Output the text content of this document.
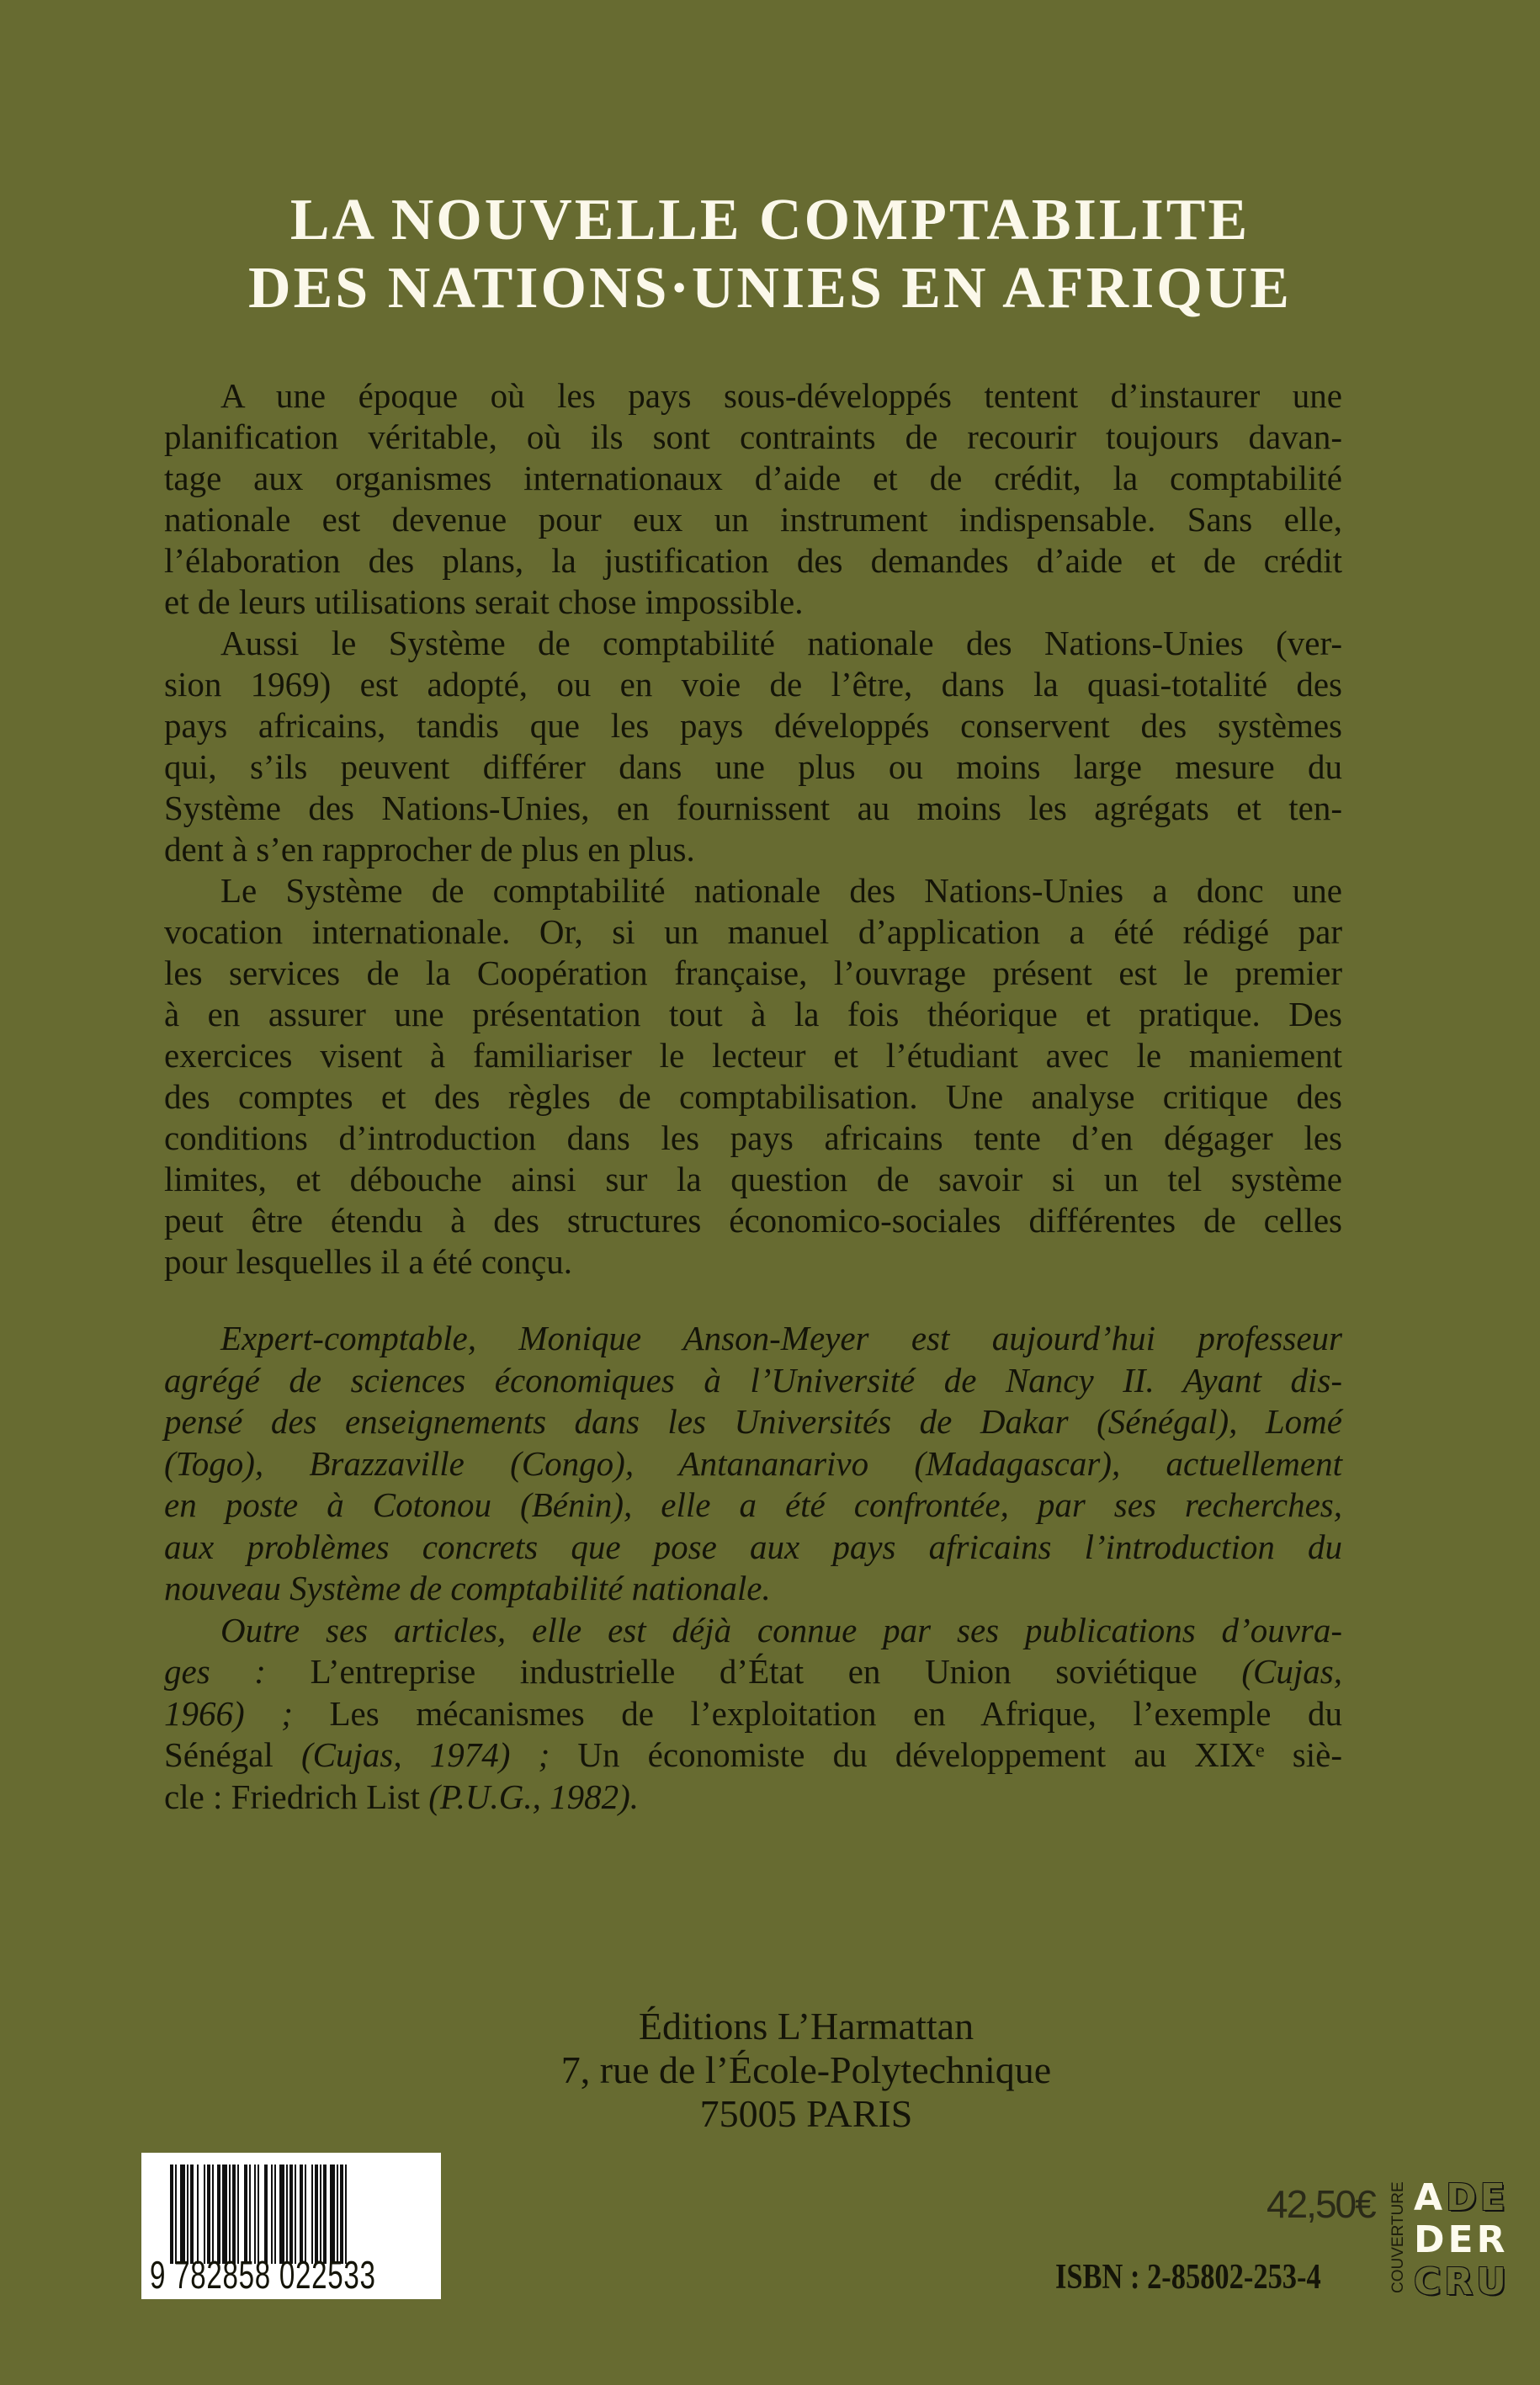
LA NOUVELLE COMPTABILITE
DES NATIONS·UNIES EN AFRIQUE
A une époque où les pays sous-développés tentent d’instaurer une
planification véritable, où ils sont contraints de recourir toujours davan-
tage aux organismes internationaux d’aide et de crédit, la comptabilité
nationale est devenue pour eux un instrument indispensable. Sans elle,
l’élaboration des plans, la justification des demandes d’aide et de crédit
et de leurs utilisations serait chose impossible.
Aussi le Système de comptabilité nationale des Nations-Unies (ver-
sion 1969) est adopté, ou en voie de l’être, dans la quasi-totalité des
pays africains, tandis que les pays développés conservent des systèmes
qui, s’ils peuvent différer dans une plus ou moins large mesure du
Système des Nations-Unies, en fournissent au moins les agrégats et ten-
dent à s’en rapprocher de plus en plus.
Le Système de comptabilité nationale des Nations-Unies a donc une
vocation internationale. Or, si un manuel d’application a été rédigé par
les services de la Coopération française, l’ouvrage présent est le premier
à en assurer une présentation tout à la fois théorique et pratique. Des
exercices visent à familiariser le lecteur et l’étudiant avec le maniement
des comptes et des règles de comptabilisation. Une analyse critique des
conditions d’introduction dans les pays africains tente d’en dégager les
limites, et débouche ainsi sur la question de savoir si un tel système
peut être étendu à des structures économico-sociales différentes de celles
pour lesquelles il a été conçu.
Expert-comptable, Monique Anson-Meyer est aujourd’hui professeur
agrégé de sciences économiques à l’Université de Nancy II. Ayant dis-
pensé des enseignements dans les Universités de Dakar (Sénégal), Lomé
(Togo), Brazzaville (Congo), Antananarivo (Madagascar), actuellement
en poste à Cotonou (Bénin), elle a été confrontée, par ses recherches,
aux problèmes concrets que pose aux pays africains l’introduction du
nouveau Système de comptabilité nationale.
Outre ses articles, elle est déjà connue par ses publications d’ouvra-
ges : L’entreprise industrielle d’État en Union soviétique (Cujas,
1966) ; Les mécanismes de l’exploitation en Afrique, l’exemple du
Sénégal (Cujas, 1974) ; Un économiste du développement au XIXᵉ siè-
cle : Friedrich List (P.U.G., 1982).
Éditions L’Harmattan
7, rue de l’École-Polytechnique
75005 PARIS
9 782858 022533
42,50€
ISBN : 2-85802-253-4	COUVERTURE ADE
DER
CRU
